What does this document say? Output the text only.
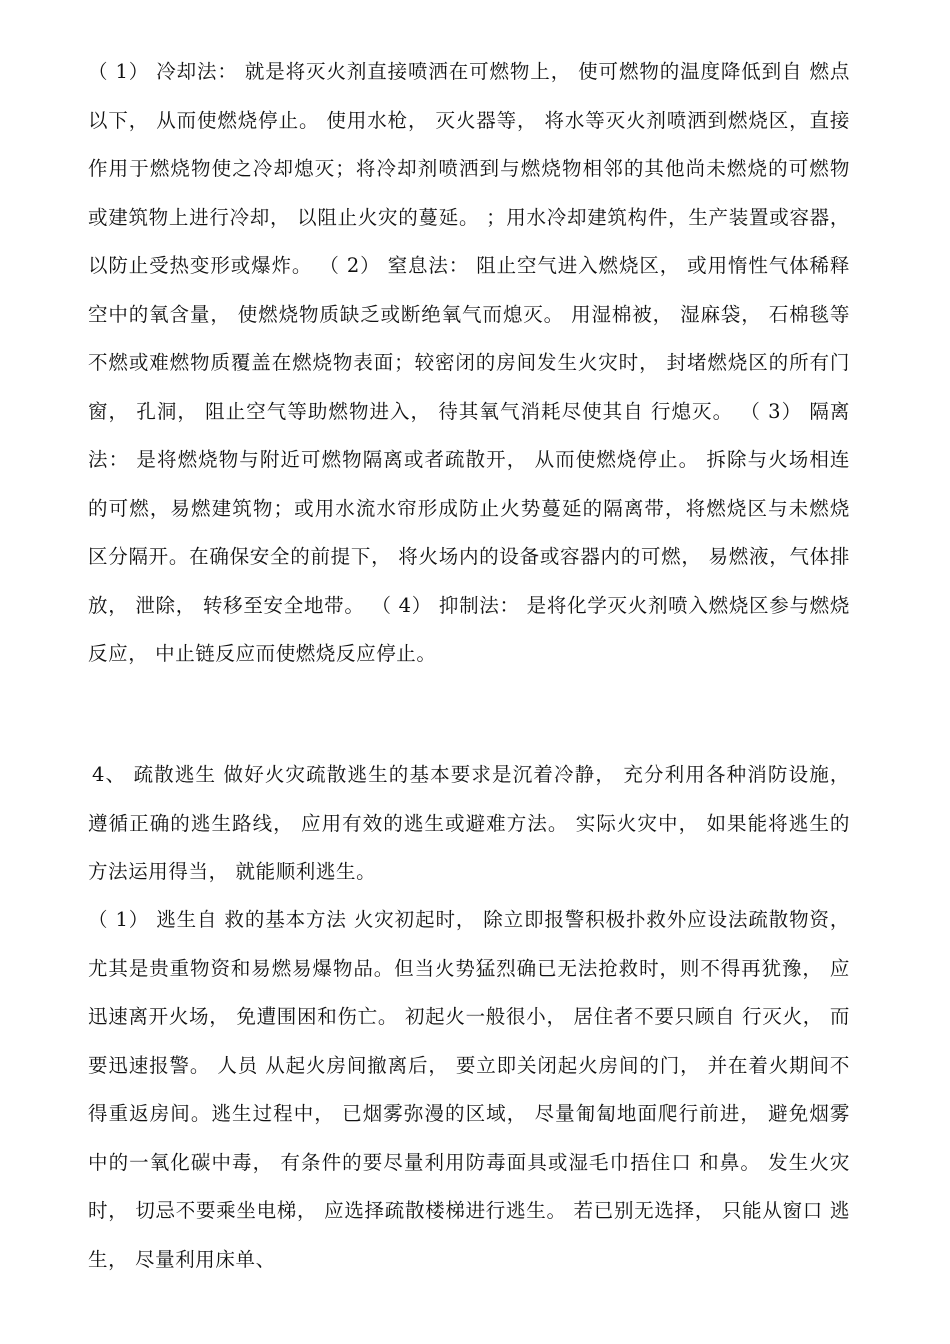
（ 1） 冷却法： 就是将灭火剂直接喷洒在可燃物上， 使可燃物的温度降低到自 燃点以下， 从而使燃烧停止。 使用水枪， 灭火器等， 将水等灭火剂喷洒到燃烧区，直接作用于燃烧物使之冷却熄灭；将冷却剂喷洒到与燃烧物相邻的其他尚未燃烧的可燃物或建筑物上进行冷却， 以阻止火灾的蔓延。 ；用水冷却建筑构件，生产装置或容器， 以防止受热变形或爆炸。 （ 2） 窒息法： 阻止空气进入燃烧区， 或用惰性气体稀释空中的氧含量， 使燃烧物质缺乏或断绝氧气而熄灭。 用湿棉被， 湿麻袋， 石棉毯等不燃或难燃物质覆盖在燃烧物表面；较密闭的房间发生火灾时， 封堵燃烧区的所有门窗， 孔洞， 阻止空气等助燃物进入， 待其氧气消耗尽使其自 行熄灭。 （ 3） 隔离法： 是将燃烧物与附近可燃物隔离或者疏散开， 从而使燃烧停止。 拆除与火场相连的可燃，易燃建筑物；或用水流水帘形成防止火势蔓延的隔离带，将燃烧区与未燃烧区分隔开。在确保安全的前提下， 将火场内的设备或容器内的可燃， 易燃液，气体排放， 泄除， 转移至安全地带。 （ 4） 抑制法： 是将化学灭火剂喷入燃烧区参与燃烧反应， 中止链反应而使燃烧反应停止。

4、 疏散逃生 做好火灾疏散逃生的基本要求是沉着冷静， 充分利用各种消防设施， 遵循正确的逃生路线， 应用有效的逃生或避难方法。 实际火灾中， 如果能将逃生的方法运用得当， 就能顺利逃生。

（ 1） 逃生自 救的基本方法 火灾初起时， 除立即报警积极扑救外应设法疏散物资，尤其是贵重物资和易燃易爆物品。但当火势猛烈确已无法抢救时，则不得再犹豫， 应迅速离开火场， 免遭围困和伤亡。 初起火一般很小， 居住者不要只顾自 行灭火， 而要迅速报警。 人员 从起火房间撤离后， 要立即关闭起火房间的门， 并在着火期间不得重返房间。逃生过程中， 已烟雾弥漫的区域， 尽量匍匐地面爬行前进， 避免烟雾中的一氧化碳中毒， 有条件的要尽量利用防毒面具或湿毛巾捂住口 和鼻。 发生火灾时， 切忌不要乘坐电梯， 应选择疏散楼梯进行逃生。 若已别无选择， 只能从窗口 逃生， 尽量利用床单、
